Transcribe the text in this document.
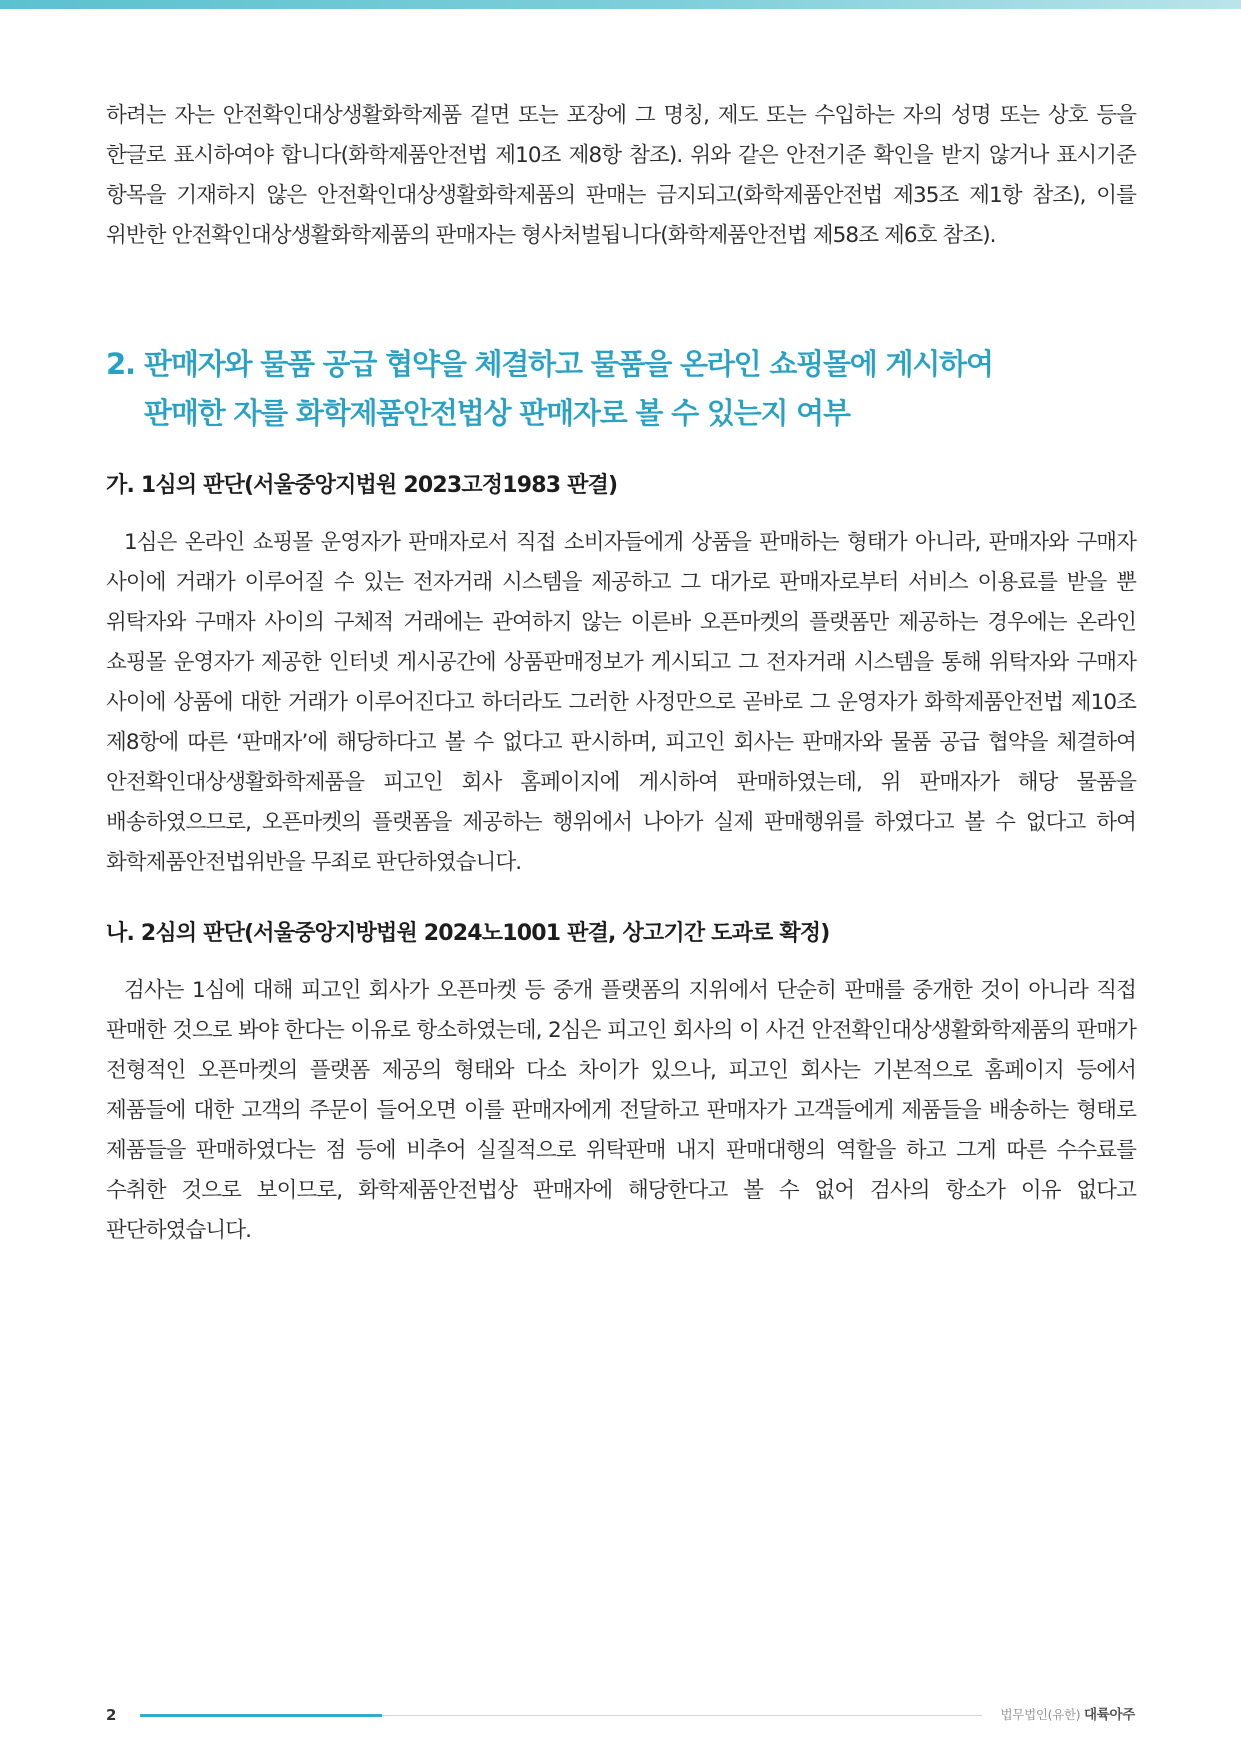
하려는 자는 안전확인대상생활화학제품 겉면 또는 포장에 그 명칭, 제도 또는 수입하는 자의 성명 또는 상호 등을 한글로 표시하여야 합니다(화학제품안전법 제10조 제8항 참조). 위와 같은 안전기준 확인을 받지 않거나 표시기준 항목을 기재하지 않은 안전확인대상생활화학제품의 판매는 금지되고(화학제품안전법 제35조 제1항 참조), 이를 위반한 안전확인대상생활화학제품의 판매자는 형사처벌됩니다(화학제품안전법 제58조 제6호 참조).

2. 판매자와 물품 공급 협약을 체결하고 물품을 온라인 쇼핑몰에 게시하여
판매한 자를 화학제품안전법상 판매자로 볼 수 있는지 여부
가. 1심의 판단(서울중앙지법원 2023고정1983 판결)

1심은 온라인 쇼핑몰 운영자가 판매자로서 직접 소비자들에게 상품을 판매하는 형태가 아니라, 판매자와 구매자 사이에 거래가 이루어질 수 있는 전자거래 시스템을 제공하고 그 대가로 판매자로부터 서비스 이용료를 받을 뿐 위탁자와 구매자 사이의 구체적 거래에는 관여하지 않는 이른바 오픈마켓의 플랫폼만 제공하는 경우에는 온라인 쇼핑몰 운영자가 제공한 인터넷 게시공간에 상품판매정보가 게시되고 그 전자거래 시스템을 통해 위탁자와 구매자 사이에 상품에 대한 거래가 이루어진다고 하더라도 그러한 사정만으로 곧바로 그 운영자가 화학제품안전법 제10조 제8항에 따른 ‘판매자’에 해당하다고 볼 수 없다고 판시하며, 피고인 회사는 판매자와 물품 공급 협약을 체결하여 안전확인대상생활화학제품을 피고인 회사 홈페이지에 게시하여 판매하였는데, 위 판매자가 해당 물품을 배송하였으므로, 오픈마켓의 플랫폼을 제공하는 행위에서 나아가 실제 판매행위를 하였다고 볼 수 없다고 하여 화학제품안전법위반을 무죄로 판단하였습니다.

나. 2심의 판단(서울중앙지방법원 2024노1001 판결, 상고기간 도과로 확정)

검사는 1심에 대해 피고인 회사가 오픈마켓 등 중개 플랫폼의 지위에서 단순히 판매를 중개한 것이 아니라 직접 판매한 것으로 봐야 한다는 이유로 항소하였는데, 2심은 피고인 회사의 이 사건 안전확인대상생활화학제품의 판매가 전형적인 오픈마켓의 플랫폼 제공의 형태와 다소 차이가 있으나, 피고인 회사는 기본적으로 홈페이지 등에서 제품들에 대한 고객의 주문이 들어오면 이를 판매자에게 전달하고 판매자가 고객들에게 제품들을 배송하는 형태로 제품들을 판매하였다는 점 등에 비추어 실질적으로 위탁판매 내지 판매대행의 역할을 하고 그게 따른 수수료를 수취한 것으로 보이므로, 화학제품안전법상 판매자에 해당한다고 볼 수 없어 검사의 항소가 이유 없다고 판단하였습니다.

2	법무법인(유한) 대륙아주
